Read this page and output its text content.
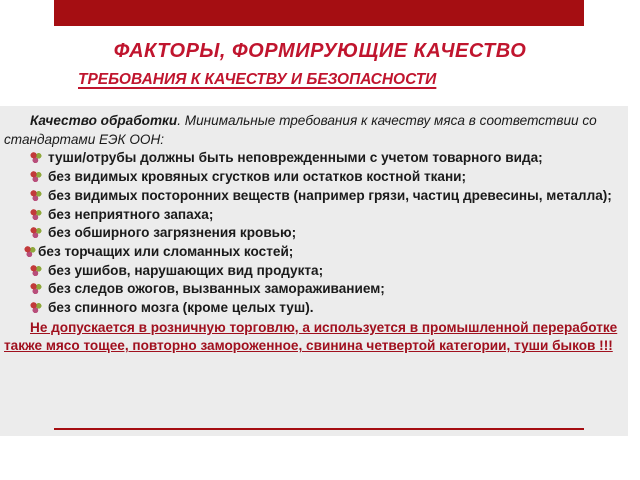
ФАКТОРЫ, ФОРМИРУЮЩИЕ КАЧЕСТВО
ТРЕБОВАНИЯ К КАЧЕСТВУ И БЕЗОПАСНОСТИ
Качество обработки. Минимальные требования к качеству мяса в соответствии со стандартами ЕЭК ООН:
туши/отрубы должны быть неповрежденными с учетом товарного вида;
без видимых кровяных сгустков или остатков костной ткани;
без видимых посторонних веществ (например грязи, частиц древесины, металла);
без неприятного запаха;
без обширного загрязнения кровью;
без торчащих или сломанных костей;
без ушибов, нарушающих вид продукта;
без следов ожогов, вызванных замораживанием;
без спинного мозга (кроме целых туш).
Не допускается в розничную торговлю, а используется в промышленной переработке также мясо тощее, повторно замороженное, свинина четвертой категории, туши быков !!!
